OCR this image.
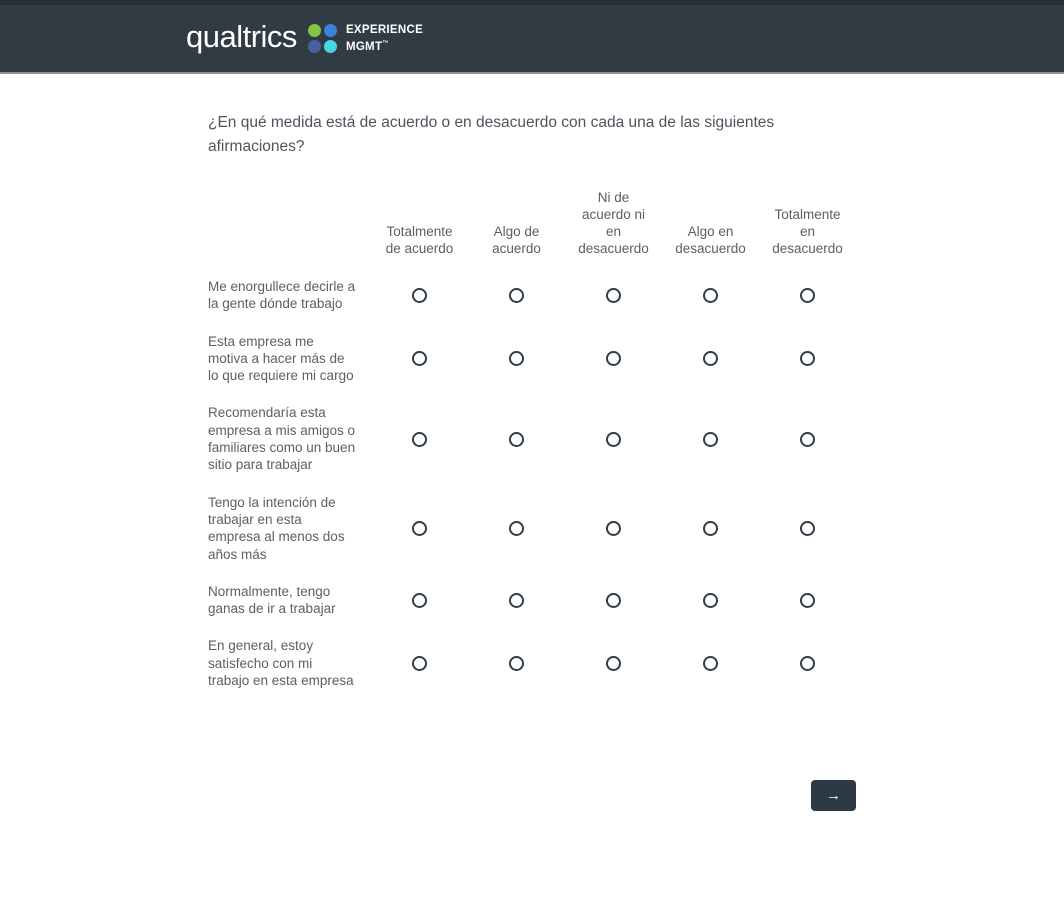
qualtrics	EXPERIENCE
MGMT™
¿En qué medida está de acuerdo o en desacuerdo con cada una de las siguientes afirmaciones?
Totalmente de acuerdo
Algo de acuerdo
Ni de acuerdo ni en desacuerdo
Algo en desacuerdo
Totalmente en desacuerdo
Me enorgullece decirle a la gente dónde trabajo
Esta empresa me motiva a hacer más de lo que requiere mi cargo
Recomendaría esta empresa a mis amigos o familiares como un buen sitio para trabajar
Tengo la intención de trabajar en esta empresa al menos dos años más
Normalmente, tengo ganas de ir a trabajar
En general, estoy satisfecho con mi trabajo en esta empresa
→
